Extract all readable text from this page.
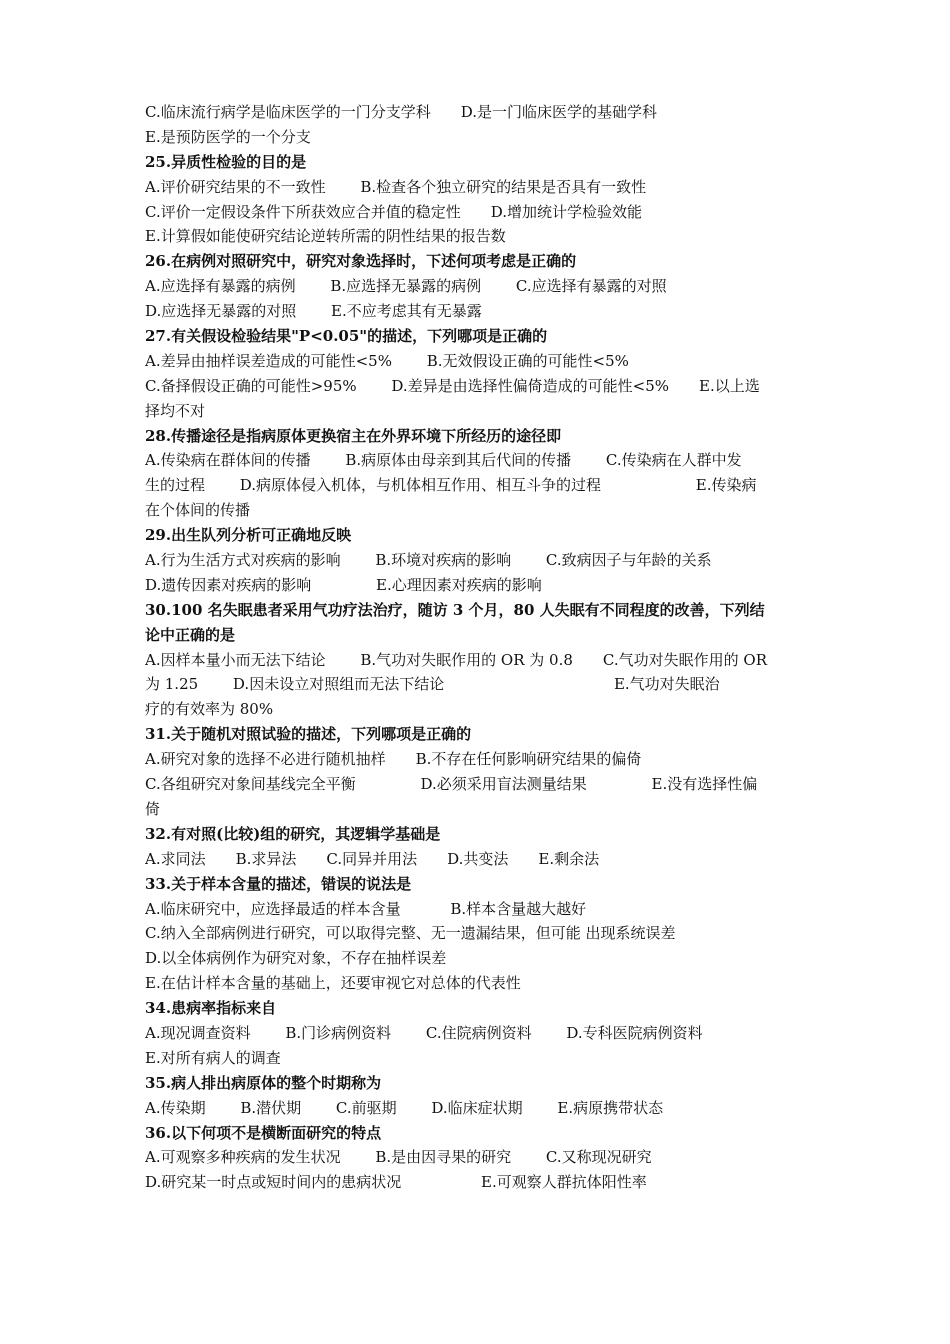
C.临床流行病学是临床医学的一门分支学科　　D.是一门临床医学的基础学科
E.是预防医学的一个分支
25.异质性检验的目的是
A.评价研究结果的不一致性　　 B.检查各个独立研究的结果是否具有一致性
C.评价一定假设条件下所获效应合并值的稳定性　　D.增加统计学检验效能
E.计算假如能使研究结论逆转所需的阴性结果的报告数
26.在病例对照研究中，研究对象选择时，下述何项考虑是正确的
A.应选择有暴露的病例　　 B.应选择无暴露的病例　　 C.应选择有暴露的对照
D.应选择无暴露的对照　　 E.不应考虑其有无暴露
27.有关假设检验结果"P<0.05"的描述，下列哪项是正确的
A.差异由抽样误差造成的可能性<5%　　 B.无效假设正确的可能性<5%
C.备择假设正确的可能性>95%　　 D.差异是由选择性偏倚造成的可能性<5%　　E.以上选
择均不对
28.传播途径是指病原体更换宿主在外界环境下所经历的途径即
A.传染病在群体间的传播　　 B.病原体由母亲到其后代间的传播　　 C.传染病在人群中发
生的过程　　 D.病原体侵入机体，与机体相互作用、相互斗争的过程　　　　　　 E.传染病
在个体间的传播
29.出生队列分析可正确地反映
A.行为生活方式对疾病的影响　　 B.环境对疾病的影响　　 C.致病因子与年龄的关系
D.遗传因素对疾病的影响　　　　 E.心理因素对疾病的影响
30.100 名失眠患者采用气功疗法治疗，随访 3 个月，80 人失眠有不同程度的改善，下列结
论中正确的是
A.因样本量小而无法下结论　　 B.气功对失眠作用的 OR 为 0.8　　C.气功对失眠作用的 OR
为 1.25　　 D.因未设立对照组而无法下结论　　　　　　　　　　　 E.气功对失眠治
疗的有效率为 80%
31.关于随机对照试验的描述，下列哪项是正确的
A.研究对象的选择不必进行随机抽样　　B.不存在任何影响研究结果的偏倚
C.各组研究对象间基线完全平衡　　　　 D.必须采用盲法测量结果　　　　 E.没有选择性偏
倚
32.有对照(比较)组的研究，其逻辑学基础是
A.求同法　　B.求异法　　C.同异并用法　　D.共变法　　E.剩余法
33.关于样本含量的描述，错误的说法是
A.临床研究中，应选择最适的样本含量　　　 B.样本含量越大越好
C.纳入全部病例进行研究，可以取得完整、无一遗漏结果，但可能 出现系统误差
D.以全体病例作为研究对象，不存在抽样误差
E.在估计样本含量的基础上，还要审视它对总体的代表性
34.患病率指标来自
A.现况调查资料　　 B.门诊病例资料　　 C.住院病例资料　　 D.专科医院病例资料
E.对所有病人的调查
35.病人排出病原体的整个时期称为
A.传染期　　 B.潜伏期　　 C.前驱期　　 D.临床症状期　　 E.病原携带状态
36.以下何项不是横断面研究的特点
A.可观察多种疾病的发生状况　　 B.是由因寻果的研究　　 C.又称现况研究
D.研究某一时点或短时间内的患病状况　　　　　 E.可观察人群抗体阳性率
